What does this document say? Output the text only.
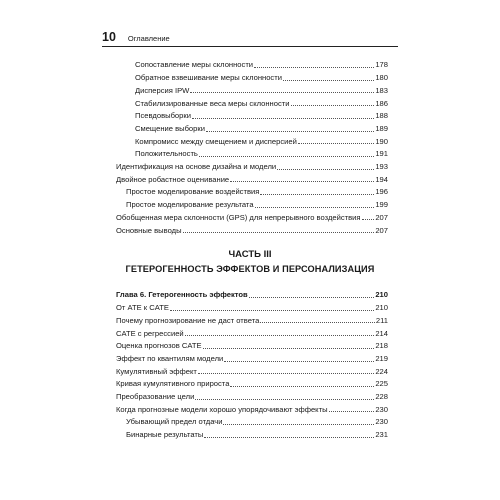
10 Оглавление
Сопоставление меры склонности	178
Обратное взвешивание меры склонности	180
Дисперсия IPW	183
Стабилизированные веса меры склонности	186
Псевдовыборки	188
Смещение выборки	189
Компромисс между смещением и дисперсией	190
Положительность	191
Идентификация на основе дизайна и модели	193
Двойное робастное оценивание	194
Простое моделирование воздействия	196
Простое моделирование результата	199
Обобщенная мера склонности (GPS) для непрерывного воздействия 207
Основные выводы	207
ЧАСТЬ III
ГЕТЕРОГЕННОСТЬ ЭФФЕКТОВ И ПЕРСОНАЛИЗАЦИЯ
Глава 6. Гетерогенность эффектов	210
От ATE к CATE	210
Почему прогнозирование не даст ответа	211
CATE с регрессией	214
Оценка прогнозов CATE	218
Эффект по квантилям модели	219
Кумулятивный эффект	224
Кривая кумулятивного прироста	225
Преобразование цели	228
Когда прогнозные модели хорошо упорядочивают эффекты	230
Убывающий предел отдачи	230
Бинарные результаты	231
